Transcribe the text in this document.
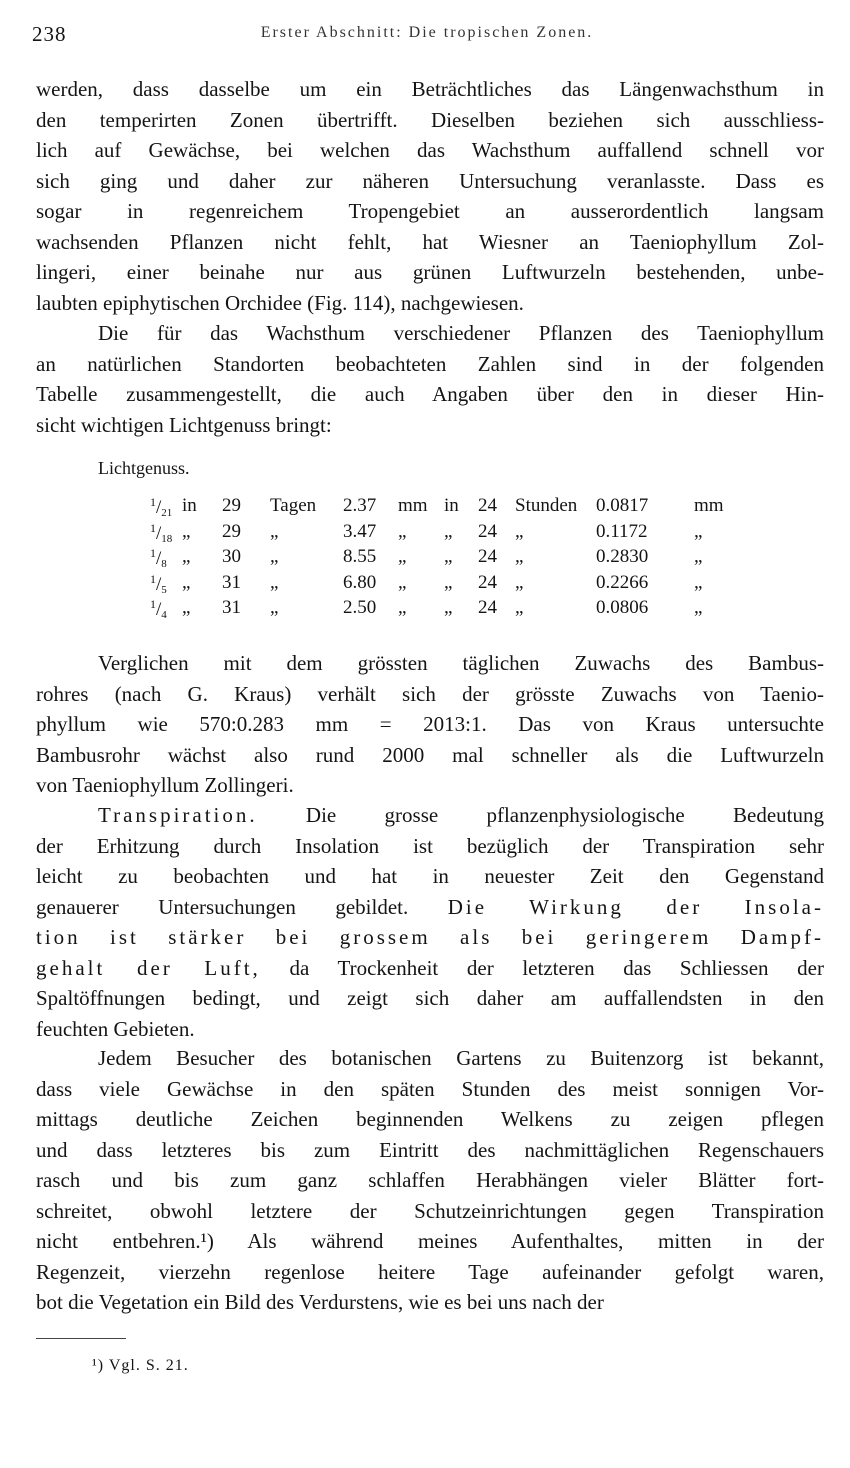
238	Erster Abschnitt: Die tropischen Zonen.
werden, dass dasselbe um ein Beträchtliches das Längenwachsthum in
den temperirten Zonen übertrifft. Dieselben beziehen sich ausschliess-
lich auf Gewächse, bei welchen das Wachsthum auffallend schnell vor
sich ging und daher zur näheren Untersuchung veranlasste. Dass es
sogar in regenreichem Tropengebiet an ausserordentlich langsam
wachsenden Pflanzen nicht fehlt, hat Wiesner an Taeniophyllum Zol-
lingeri, einer beinahe nur aus grünen Luftwurzeln bestehenden, unbe-
laubten epiphytischen Orchidee (Fig. 114), nachgewiesen.
Die für das Wachsthum verschiedener Pflanzen des Taeniophyllum
an natürlichen Standorten beobachteten Zahlen sind in der folgenden
Tabelle zusammengestellt, die auch Angaben über den in dieser Hin-
sicht wichtigen Lichtgenuss bringt:
Verglichen mit dem grössten täglichen Zuwachs des Bambus-
rohres (nach G. Kraus) verhält sich der grösste Zuwachs von Taenio-
phyllum wie 570:0.283 mm = 2013:1. Das von Kraus untersuchte
Bambusrohr wächst also rund 2000 mal schneller als die Luftwurzeln
von Taeniophyllum Zollingeri.
Transpiration. Die grosse pflanzenphysiologische Bedeutung
der Erhitzung durch Insolation ist bezüglich der Transpiration sehr
leicht zu beobachten und hat in neuester Zeit den Gegenstand
genauerer Untersuchungen gebildet. Die Wirkung der Insola-
tion ist stärker bei grossem als bei geringerem Dampf-
gehalt der Luft, da Trockenheit der letzteren das Schliessen der
Spaltöffnungen bedingt, und zeigt sich daher am auffallendsten in den
feuchten Gebieten.
Jedem Besucher des botanischen Gartens zu Buitenzorg ist bekannt,
dass viele Gewächse in den späten Stunden des meist sonnigen Vor-
mittags deutliche Zeichen beginnenden Welkens zu zeigen pflegen
und dass letzteres bis zum Eintritt des nachmittäglichen Regenschauers
rasch und bis zum ganz schlaffen Herabhängen vieler Blätter fort-
schreitet, obwohl letztere der Schutzeinrichtungen gegen Transpiration
nicht entbehren.¹) Als während meines Aufenthaltes, mitten in der
Regenzeit, vierzehn regenlose heitere Tage aufeinander gefolgt waren,
bot die Vegetation ein Bild des Verdurstens, wie es bei uns nach der
Lichtgenuss.
$^1/_{21}$ in 29 Tagen 2.37 mm in 24 Stunden 0.0817 mm
$^1/_{18}$ „ 29 „	3.47 „ „ 24 „	0.1172 „
$^1/_8$ „ 30 „	8.55 „ „ 24 „	0.2830 „
$^1/_5$ „ 31 „	6.80 „ „ 24 „	0.2266 „
$^1/_4$ „ 31 „	2.50 „ „ 24 „	0.0806 „
¹) Vgl. S. 21.
